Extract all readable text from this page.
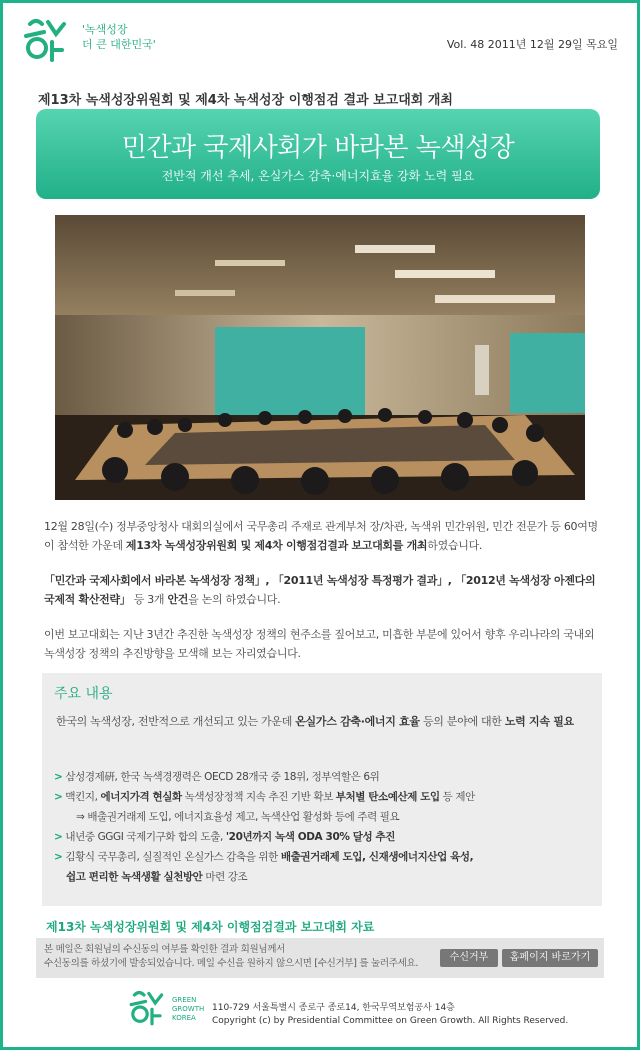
'녹색성장
더 큰 대한민국'	Vol. 48 2011년 12월 29일 목요일
제13차 녹색성장위원회 및 제4차 녹색성장 이행점검 결과 보고대회 개최
민간과 국제사회가 바라본 녹색성장
전반적 개선 추세, 온실가스 감축·에너지효율 강화 노력 필요
12월 28일(수) 정부중앙청사 대회의실에서 국무총리 주재로 관계부처 장/차관, 녹색위 민간위원, 민간 전문가 등 60여명이 참석한 가운데 제13차 녹색성장위원회 및 제4차 이행점검결과 보고대회를 개최하였습니다.
「민간과 국제사회에서 바라본 녹색성장 정책」, 「2011년 녹색성장 특정평가 결과」, 「2012년 녹색성장 아젠다의 국제적 확산전략」 등 3개 안건을 논의 하였습니다.
이번 보고대회는 지난 3년간 추진한 녹색성장 정책의 현주소를 짚어보고, 미흡한 부분에 있어서 향후 우리나라의 국내외 녹색성장 정책의 추진방향을 모색해 보는 자리였습니다.
주요 내용
한국의 녹색성장, 전반적으로 개선되고 있는 가운데 온실가스 감축·에너지 효율 등의 분야에 대한 노력 지속 필요
> 삼성경제硏, 한국 녹색경쟁력은 OECD 28개국 중 18위, 정부역할은 6위
> 맥킨지, 에너지가격 현실화 녹색성장정책 지속 추진 기반 확보 부처별 탄소예산제 도입 등 제안
⇒ 배출권거래제 도입, 에너지효율성 제고, 녹색산업 활성화 등에 주력 필요
> 내년중 GGGI 국제기구화 합의 도출, '20년까지 녹색 ODA 30% 달성 추진
> 김황식 국무총리, 실질적인 온실가스 감축을 위한 배출권거래제 도입, 신재생에너지산업 육성,
쉽고 편리한 녹색생활 실천방안 마련 강조
제13차 녹색성장위원회 및 제4차 이행점검결과 보고대회 자료
본 메일은 회원님의 수신동의 여부를 확인한 결과 회원님께서
수신동의를 하셨기에 발송되었습니다. 메일 수신을 원하지 않으시면 [수신거부] 를 눌러주세요.
수신거부	홈페이지 바로가기
GREEN
GROWTH
KOREA
110-729 서울특별시 종로구 종로14, 한국무역보험공사 14층
Copyright (c) by Presidential Committee on Green Growth. All Rights Reserved.
